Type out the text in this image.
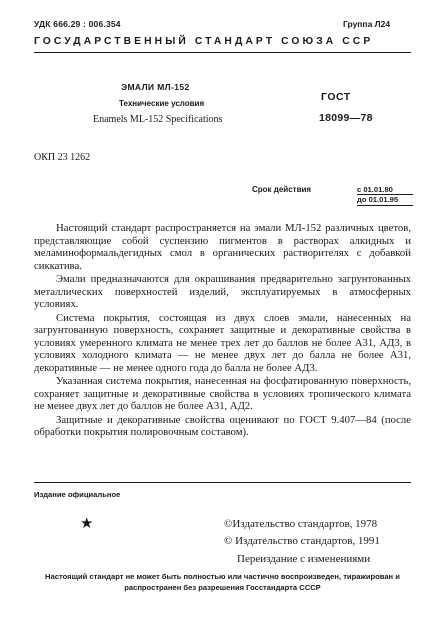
УДК 666.29 : 006.354	Группа Л24
ГОСУДАРСТВЕННЫЙ СТАНДАРТ СОЮЗА ССР
ЭМАЛИ МЛ-152
Технические условия
Enamels ML-152 Specifications
ГОСТ
18099—78
ОКП 23 1262
Срок действия	с 01.01.80
до 01.01.95

Настоящий стандарт распространяется на эмали МЛ-152 различных цветов, представляющие собой суспензию пигментов в растворах алкидных и меламиноформальдегидных смол в органических растворителях с добавкой сиккатива.

Эмали предназначаются для окрашивания предварительно загрунтованных металлических поверхностей изделий, эксплуатируемых в атмосферных условиях.

Система покрытия, состоящая из двух слоев эмали, нанесенных на загрунтованную поверхность, сохраняет защитные и декоративные свойства в условиях умеренного климата не менее трех лет до баллов не более А31, АД3, в условиях холодного климата — не менее двух лет до балла не более А31, декоративные — не менее одного года до балла не более АД3.

Указанная система покрытия, нанесенная на фосфатированную поверхность, сохраняет защитные и декоративные свойства в условиях тропического климата не менее двух лет до баллов не более А31, АД2.

Защитные и декоративные свойства оценивают по ГОСТ 9.407—84 (после обработки покрытия полировочным составом).

Издание официальное
★	©Издательство стандартов, 1978
© Издательство стандартов, 1991
Переиздание с изменениями
Настоящий стандарт не может быть полностью или частично воспроизведен, тиражирован и распространен без разрешения Госстандарта СССР
